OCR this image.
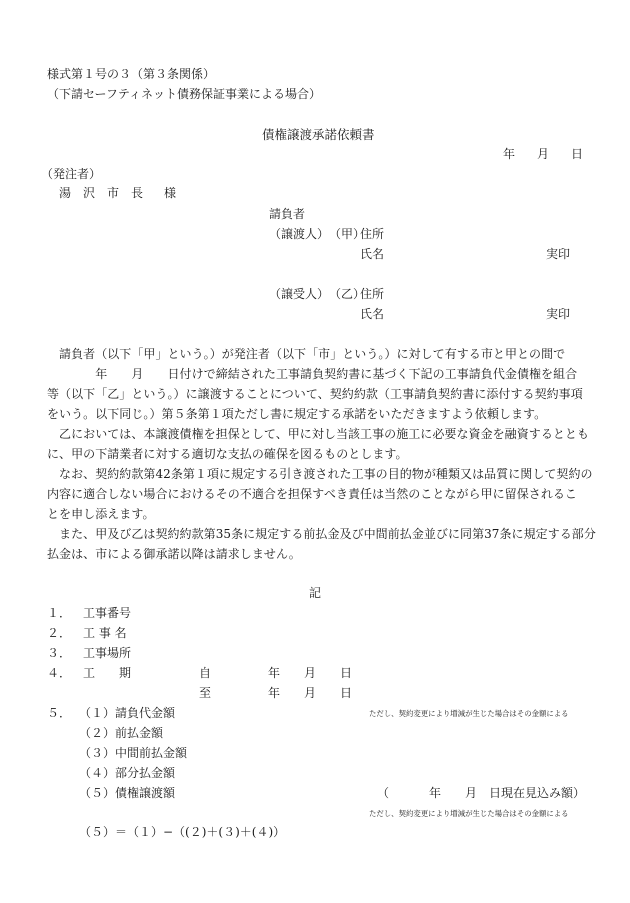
様式第１号の３（第３条関係）
（下請セーフティネット債務保証事業による場合）
債権譲渡承諾依頼書
年 月 日
（発注者）
湯 沢 市 長 様
請負者
（譲渡人） （甲）
住所
氏名	実印
（譲受人） （乙）
住所
氏名	実印
　請負者（以下「甲」という。）が発注者（以下「市」という。）に対して有する市と甲との間で
　　　　年　　月　　日付けで締結された工事請負契約書に基づく下記の工事請負代金債権を組合
等（以下「乙」という。）に譲渡することについて、契約約款（工事請負契約書に添付する契約事項
をいう。以下同じ。）第５条第１項ただし書に規定する承諾をいただきますよう依頼します。
　乙においては、本譲渡債権を担保として、甲に対し当該工事の施工に必要な資金を融資するととも
に、甲の下請業者に対する適切な支払の確保を図るものとします。
　なお、契約約款第42条第１項に規定する引き渡された工事の目的物が種類又は品質に関して契約の
内容に適合しない場合におけるその不適合を担保すべき責任は当然のことながら甲に留保されるこ
とを申し添えます。
　また、甲及び乙は契約約款第35条に規定する前払金及び中間前払金並びに同第37条に規定する部分
払金は、市による御承諾以降は請求しません。
記
１． 工事番号
２． 工 事 名
３． 工事場所
４． 工　　期	自	年 月 日
至	年 月 日
５． （１）請負代金額	ただし、契約変更により増減が生じた場合はその金額による
（２）前払金額
（３）中間前払金額
（４）部分払金額
（５）債権譲渡額	（	年 月 日現在見込み額）
ただし、契約変更により増減が生じた場合はその金額による
（５）＝（１）−（(２)＋(３)＋(４)）
